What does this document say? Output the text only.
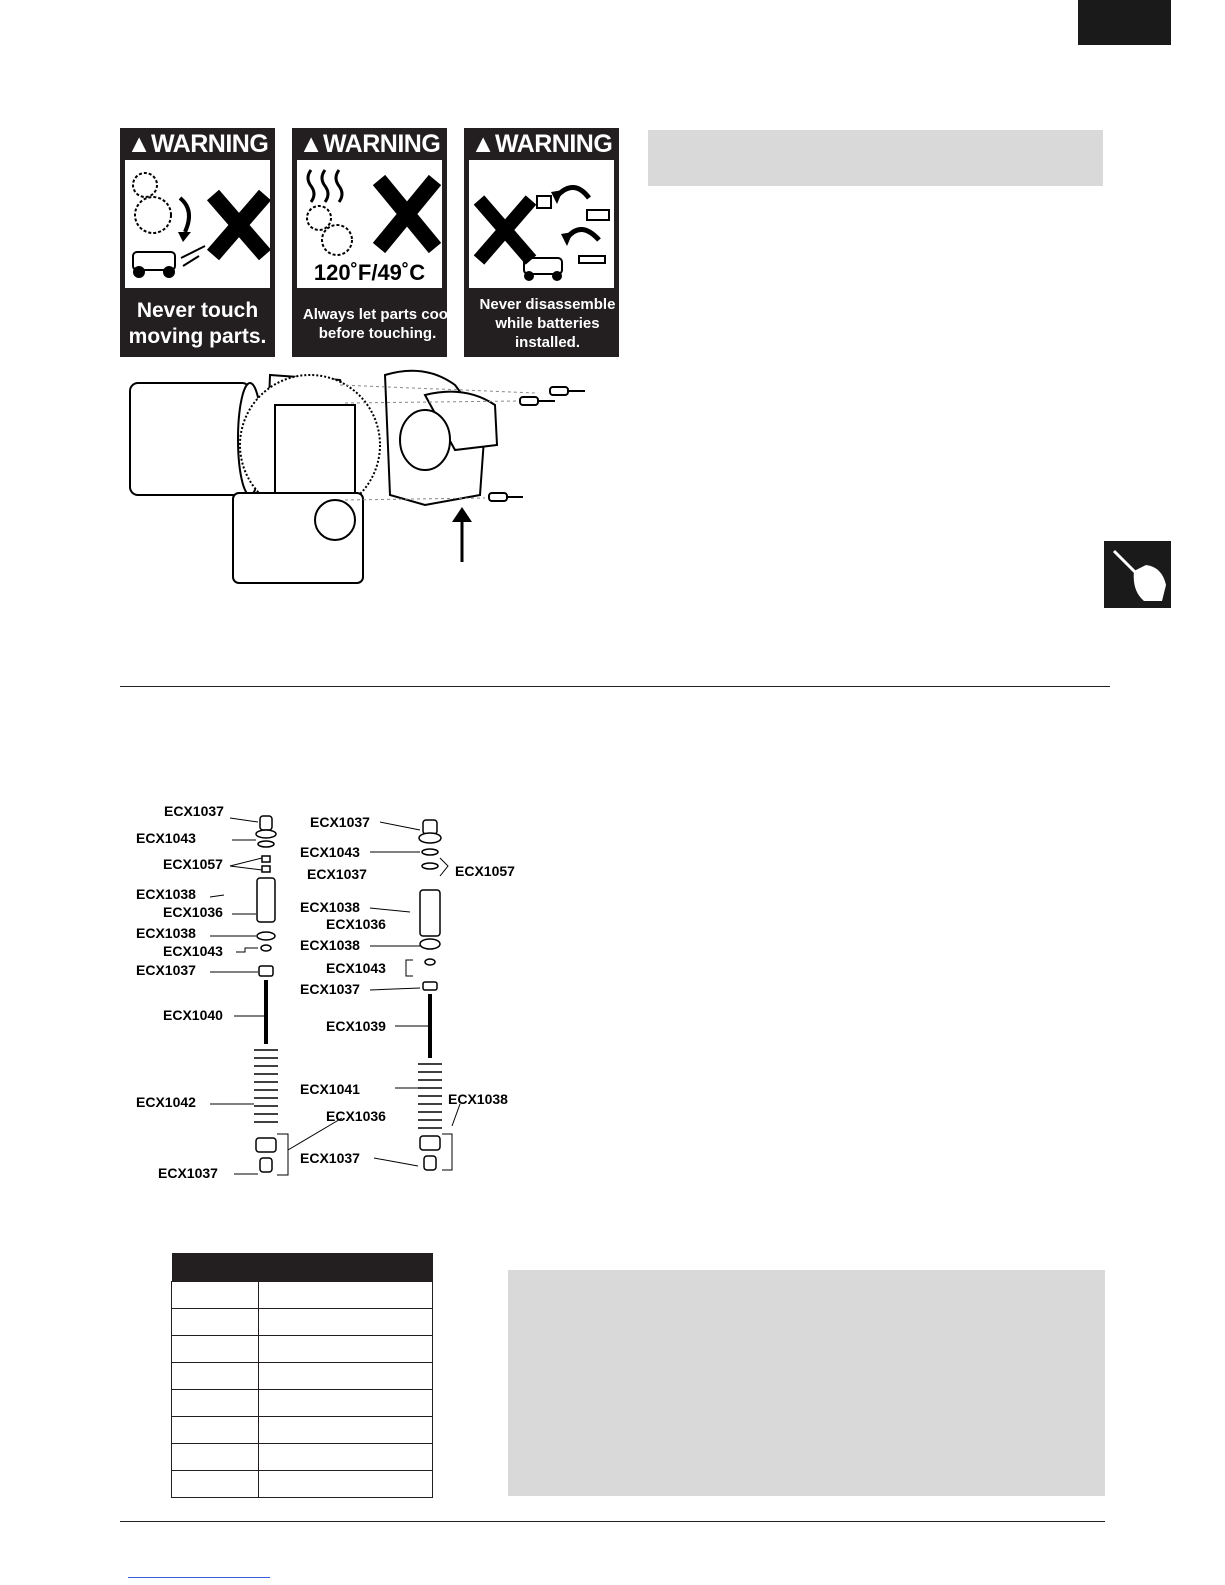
▲WARNING
Never touch moving parts.
▲WARNING
120˚F/49˚C
Always let parts cool before touching.
▲WARNING
Never disassemble while batteries installed.
ECX1037
ECX1043
ECX1057
ECX1038
ECX1036
ECX1038
ECX1043
ECX1037
ECX1040
ECX1042
ECX1036
ECX1037
ECX1037
ECX1043
ECX1037	ECX1057
ECX1038
ECX1036
ECX1038
ECX1043
ECX1037
ECX1039
ECX1041
ECX1038
ECX1037
